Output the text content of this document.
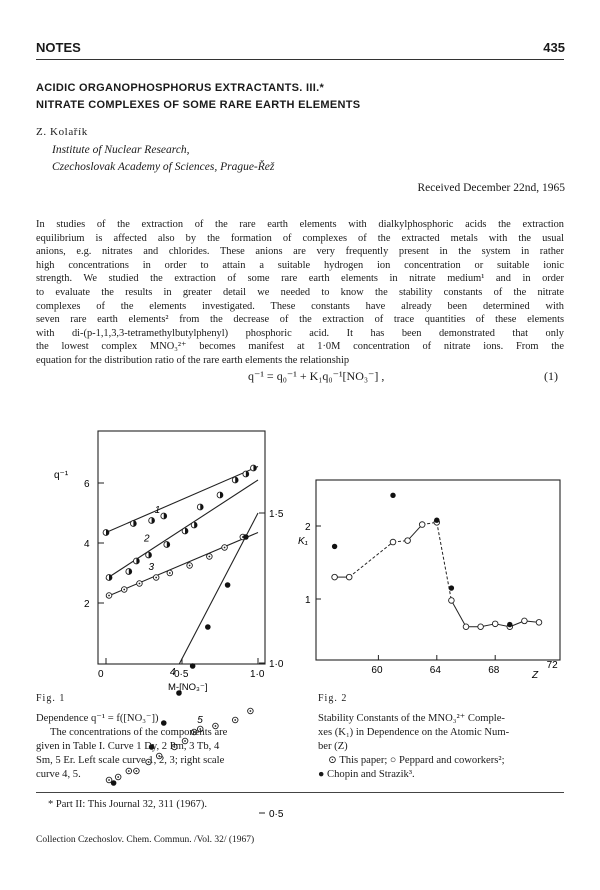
NOTES	435
ACIDIC ORGANOPHOSPHORUS EXTRACTANTS. III.*
NITRATE COMPLEXES OF SOME RARE EARTH ELEMENTS
Z. Kolařík
Institute of Nuclear Research,
Czechoslovak Academy of Sciences, Prague-Řež
Received December 22nd, 1965
In studies of the extraction of the rare earth elements with dialkylphosphoric acids the extraction
equilibrium is affected also by the formation of complexes of the extracted metals with the usual
anions, e.g. nitrates and chlorides. These anions are very frequently present in the system in rather
high concentrations in order to attain a suitable hydrogen ion concentration or suitable ionic
strength. We studied the extraction of some rare earth elements in nitrate medium¹ and in order
to evaluate the results in greater detail we needed to know the stability constants of the nitrate
complexes of the elements investigated. These constants have already been determined with
seven rare earth elements² from the decrease of the extraction of trace quantities of these elements
with di-(p-1,1,3,3-tetramethylbutylphenyl) phosphoric acid. It has been demonstrated that only
the lowest complex MNO₃²⁺ becomes manifest at 1·0M concentration of nitrate ions. From the
equation for the distribution ratio of the rare earth elements the relationship
q⁻¹ = q₀⁻¹ + K₁q₀⁻¹[NO₃⁻] ,	(1)
6
4
2
1·5
1·0
0·5
0	0·5	1·0
1
2
3
4
5
q⁻¹
M-[NO₃⁻]
2
1
60	64	68	72
K₁
Z
Fig. 1
Dependence q⁻¹ = f([NO₃⁻])
The concentrations of the components are
given in Table I. Curve 1 Dy, 2 Pm, 3 Tb, 4
Sm, 5 Er. Left scale curve 1, 2, 3; right scale
curve 4, 5.
Fig. 2
Stability Constants of the MNO₃²⁺ Comple-
xes (K₁) in Dependence on the Atomic Num-
ber (Z)
⊙ This paper; ○ Peppard and coworkers²;
● Chopin and Strazik³.
* Part II: This Journal 32, 311 (1967).
Collection Czechoslov. Chem. Commun. /Vol. 32/ (1967)
